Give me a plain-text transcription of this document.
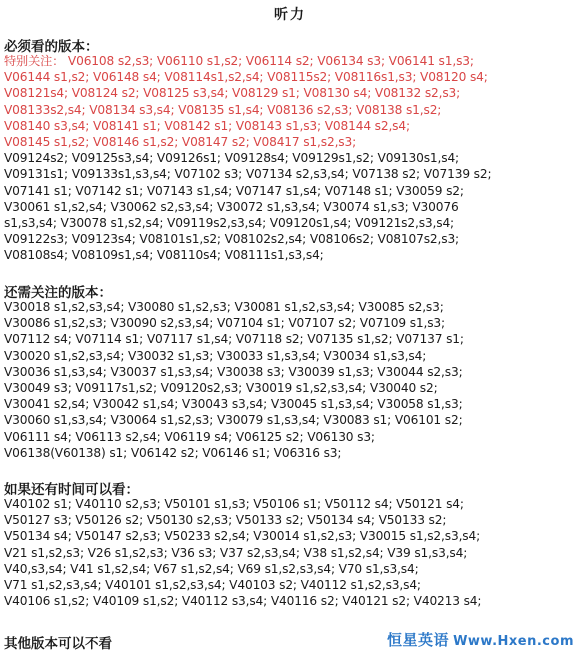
听力
必须看的版本：
特别关注： V06108 s2,s3; V06110 s1,s2; V06114 s2; V06134 s3; V06141 s1,s3;
V06144 s1,s2; V06148 s4; V08114s1,s2,s4; V08115s2; V08116s1,s3; V08120 s4;
V08121s4; V08124 s2; V08125 s3,s4; V08129 s1; V08130 s4; V08132 s2,s3;
V08133s2,s4; V08134 s3,s4; V08135 s1,s4; V08136 s2,s3; V08138 s1,s2;
V08140 s3,s4; V08141 s1; V08142 s1; V08143 s1,s3; V08144 s2,s4;
V08145 s1,s2; V08146 s1,s2; V08147 s2; V08417 s1,s2,s3;
V09124s2; V09125s3,s4; V09126s1; V09128s4; V09129s1,s2; V09130s1,s4;
V09131s1; V09133s1,s3,s4; V07102 s3; V07134 s2,s3,s4; V07138 s2; V07139 s2;
V07141 s1; V07142 s1; V07143 s1,s4; V07147 s1,s4; V07148 s1; V30059 s2;
V30061 s1,s2,s4; V30062 s2,s3,s4; V30072 s1,s3,s4; V30074 s1,s3; V30076
s1,s3,s4; V30078 s1,s2,s4; V09119s2,s3,s4; V09120s1,s4; V09121s2,s3,s4;
V09122s3; V09123s4; V08101s1,s2; V08102s2,s4; V08106s2; V08107s2,s3;
V08108s4; V08109s1,s4; V08110s4; V08111s1,s3,s4;
还需关注的版本：
V30018 s1,s2,s3,s4; V30080 s1,s2,s3; V30081 s1,s2,s3,s4; V30085 s2,s3;
V30086 s1,s2,s3; V30090 s2,s3,s4; V07104 s1; V07107 s2; V07109 s1,s3;
V07112 s4; V07114 s1; V07117 s1,s4; V07118 s2; V07135 s1,s2; V07137 s1;
V30020 s1,s2,s3,s4; V30032 s1,s3; V30033 s1,s3,s4; V30034 s1,s3,s4;
V30036 s1,s3,s4; V30037 s1,s3,s4; V30038 s3; V30039 s1,s3; V30044 s2,s3;
V30049 s3; V09117s1,s2; V09120s2,s3; V30019 s1,s2,s3,s4; V30040 s2;
V30041 s2,s4; V30042 s1,s4; V30043 s3,s4; V30045 s1,s3,s4; V30058 s1,s3;
V30060 s1,s3,s4; V30064 s1,s2,s3; V30079 s1,s3,s4; V30083 s1; V06101 s2;
V06111 s4; V06113 s2,s4; V06119 s4; V06125 s2; V06130 s3;
V06138(V60138) s1; V06142 s2; V06146 s1; V06316 s3;
如果还有时间可以看：
V40102 s1; V40110 s2,s3; V50101 s1,s3; V50106 s1; V50112 s4; V50121 s4;
V50127 s3; V50126 s2; V50130 s2,s3; V50133 s2; V50134 s4; V50133 s2;
V50134 s4; V50147 s2,s3; V50233 s2,s4; V30014 s1,s2,s3; V30015 s1,s2,s3,s4;
V21 s1,s2,s3; V26 s1,s2,s3; V36 s3; V37 s2,s3,s4; V38 s1,s2,s4; V39 s1,s3,s4;
V40,s3,s4; V41 s1,s2,s4; V67 s1,s2,s4; V69 s1,s2,s3,s4; V70 s1,s3,s4;
V71 s1,s2,s3,s4; V40101 s1,s2,s3,s4; V40103 s2; V40112 s1,s2,s3,s4;
V40106 s1,s2; V40109 s1,s2; V40112 s3,s4; V40116 s2; V40121 s2; V40213 s4;
其他版本可以不看	恒星英语 Www.Hxen.com
